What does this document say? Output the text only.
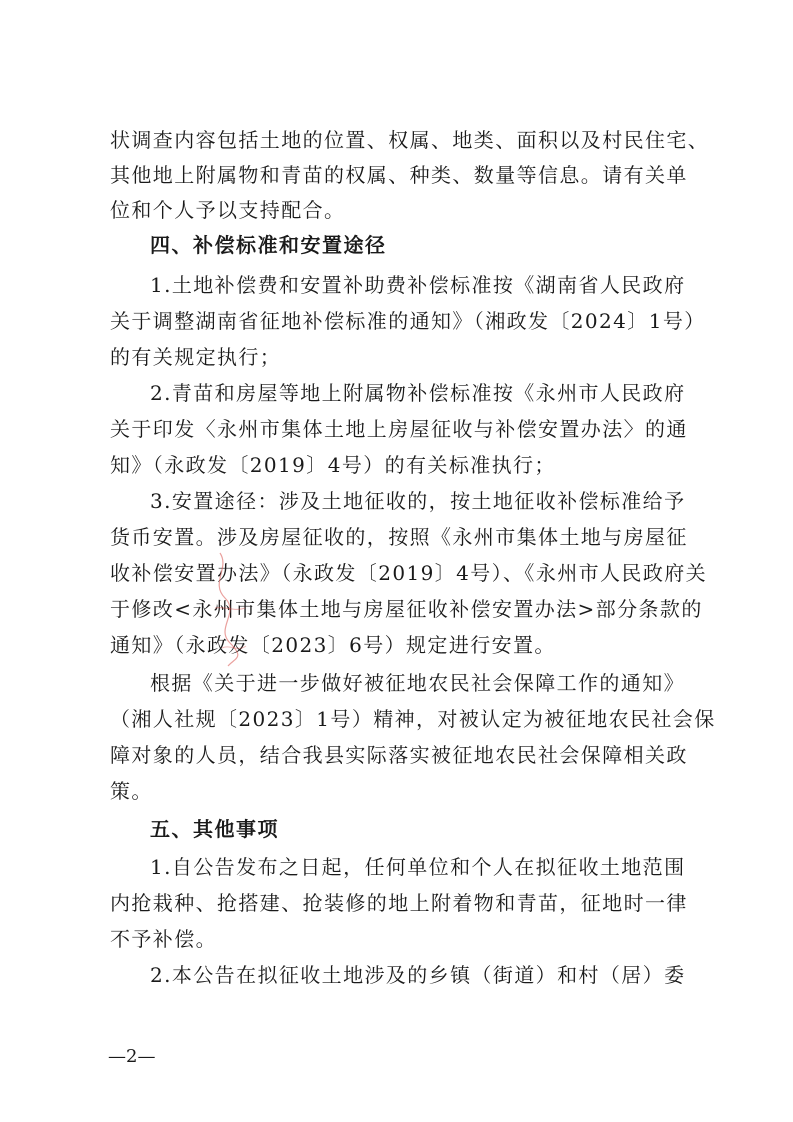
状调查内容包括土地的位置、权属、地类、面积以及村民住宅、
其他地上附属物和青苗的权属、种类、数量等信息。请有关单
位和个人予以支持配合。
四、补偿标准和安置途径
1.土地补偿费和安置补助费补偿标准按《湖南省人民政府
关于调整湖南省征地补偿标准的通知》（湘政发〔2024〕1号）
的有关规定执行；
2.青苗和房屋等地上附属物补偿标准按《永州市人民政府
关于印发〈永州市集体土地上房屋征收与补偿安置办法〉的通
知》（永政发〔2019〕4号）的有关标准执行；
3.安置途径：涉及土地征收的，按土地征收补偿标准给予
货币安置。涉及房屋征收的，按照《永州市集体土地与房屋征
收补偿安置办法》（永政发〔2019〕4号）、《永州市人民政府关
于修改<永州市集体土地与房屋征收补偿安置办法>部分条款的
通知》（永政发〔2023〕6号）规定进行安置。
根据《关于进一步做好被征地农民社会保障工作的通知》
（湘人社规〔2023〕1号）精神，对被认定为被征地农民社会保
障对象的人员，结合我县实际落实被征地农民社会保障相关政
策。
五、其他事项
1.自公告发布之日起，任何单位和个人在拟征收土地范围
内抢栽种、抢搭建、抢装修的地上附着物和青苗，征地时一律
不予补偿。
2.本公告在拟征收土地涉及的乡镇（街道）和村（居）委
—2—
